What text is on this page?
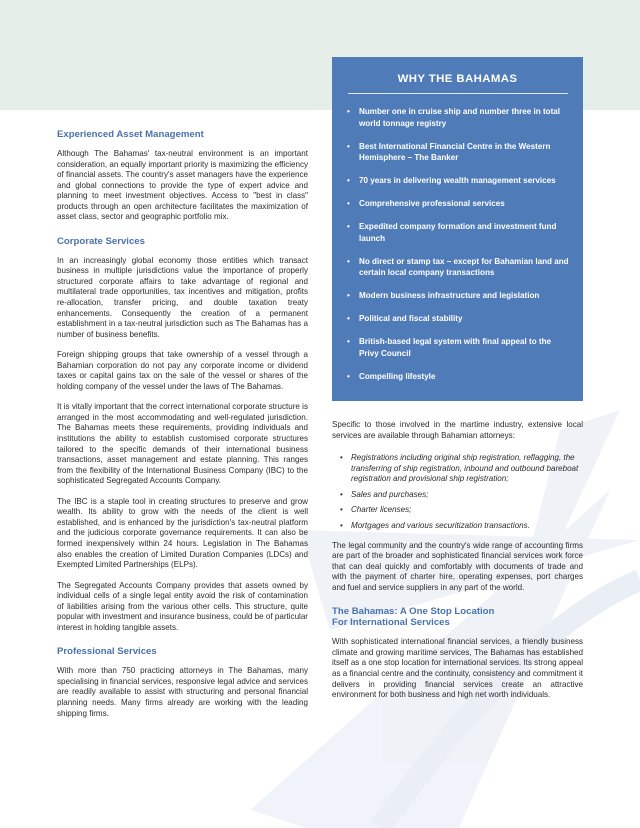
Experienced Asset Management

Although The Bahamas' tax-neutral environment is an important consideration, an equally important priority is maximizing the efficiency of financial assets. The country's asset managers have the experience and global connections to provide the type of expert advice and planning to meet investment objectives. Access to "best in class" products through an open architecture facilitates the maximization of asset class, sector and geographic portfolio mix.

Corporate Services

In an increasingly global economy those entities which transact business in multiple jurisdictions value the importance of properly structured corporate affairs to take advantage of regional and multilateral trade opportunities, tax incentives and mitigation, profits re-allocation, transfer pricing, and double taxation treaty enhancements. Consequently the creation of a permanent establishment in a tax-neutral jurisdiction such as The Bahamas has a number of business benefits.

Foreign shipping groups that take ownership of a vessel through a Bahamian corporation do not pay any corporate income or dividend taxes or capital gains tax on the sale of the vessel or shares of the holding company of the vessel under the laws of The Bahamas.

It is vitally important that the correct international corporate structure is arranged in the most accommodating and well-regulated jurisdiction. The Bahamas meets these requirements, providing individuals and institutions the ability to establish customised corporate structures tailored to the specific demands of their international business transactions, asset management and estate planning. This ranges from the flexibility of the International Business Company (IBC) to the sophisticated Segregated Accounts Company.

The IBC is a staple tool in creating structures to preserve and grow wealth. Its ability to grow with the needs of the client is well established, and is enhanced by the jurisdiction's tax-neutral platform and the judicious corporate governance requirements. It can also be formed inexpensively within 24 hours. Legislation in The Bahamas also enables the creation of Limited Duration Companies (LDCs) and Exempted Limited Partnerships (ELPs).

The Segregated Accounts Company provides that assets owned by individual cells of a single legal entity avoid the risk of contamination of liabilities arising from the various other cells. This structure, quite popular with investment and insurance business, could be of particular interest in holding tangible assets.

Professional Services

With more than 750 practicing attorneys in The Bahamas, many specialising in financial services, responsive legal advice and services are readily available to assist with structuring and personal financial planning needs. Many firms already are working with the leading shipping firms.

WHY THE BAHAMAS
• Number one in cruise ship and number three in total world tonnage registry
• Best International Financial Centre in the Western Hemisphere – The Banker
• 70 years in delivering wealth management services
• Comprehensive professional services
• Expedited company formation and investment fund launch
• No direct or stamp tax – except for Bahamian land and certain local company transactions
• Modern business infrastructure and legislation
• Political and fiscal stability
• British-based legal system with final appeal to the Privy Council
• Compelling lifestyle

Specific to those involved in the martime industry, extensive local services are available through Bahamian attorneys:

• Registrations including original ship registration, reflagging, the transferring of ship registration, inbound and outbound bareboat registration and provisional ship registration;
• Sales and purchases;
• Charter licenses;
• Mortgages and various securitization transactions.

The legal community and the country's wide range of accounting firms are part of the broader and sophisticated financial services work force that can deal quickly and comfortably with documents of trade and with the payment of charter hire, operating expenses, port charges and fuel and service suppliers in any part of the world.

The Bahamas: A One Stop Location
For International Services

With sophisticated international financial services, a friendly business climate and growing maritime services, The Bahamas has established itself as a one stop location for international services. Its strong appeal as a financial centre and the continuity, consistency and commitment it delivers in providing financial services create an attractive environment for both business and high net worth individuals.
